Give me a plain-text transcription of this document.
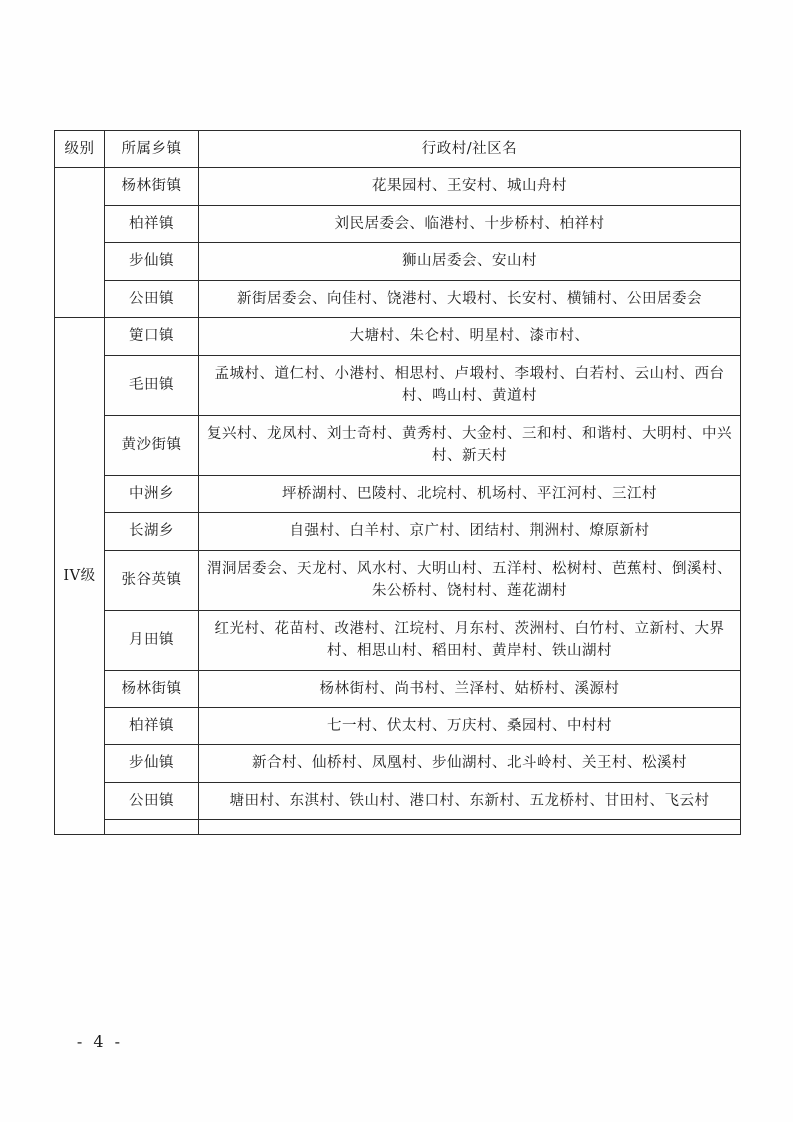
级别	所属乡镇	行政村/社区名
	杨林街镇	花果园村、王安村、城山舟村
	柏祥镇	刘民居委会、临港村、十步桥村、柏祥村
	步仙镇	狮山居委会、安山村
	公田镇	新街居委会、向佳村、饶港村、大塅村、长安村、横铺村、公田居委会
IV级	筻口镇	大塘村、朱仑村、明星村、漆市村、
	毛田镇	孟城村、道仁村、小港村、相思村、卢塅村、李塅村、白若村、云山村、西台村、鸣山村、黄道村
	黄沙街镇	复兴村、龙凤村、刘士奇村、黄秀村、大金村、三和村、和谐村、大明村、中兴村、新天村
	中洲乡	坪桥湖村、巴陵村、北垸村、机场村、平江河村、三江村
	长湖乡	自强村、白羊村、京广村、团结村、荆洲村、燎原新村
	张谷英镇	渭洞居委会、天龙村、风水村、大明山村、五洋村、松树村、芭蕉村、倒溪村、朱公桥村、饶村村、莲花湖村
	月田镇	红光村、花苗村、改港村、江垸村、月东村、茨洲村、白竹村、立新村、大界村、相思山村、稻田村、黄岸村、铁山湖村
	杨林街镇	杨林街村、尚书村、兰泽村、姑桥村、溪源村
	柏祥镇	七一村、伏太村、万庆村、桑园村、中村村
	步仙镇	新合村、仙桥村、凤凰村、步仙湖村、北斗岭村、关王村、松溪村
	公田镇	塘田村、东淇村、铁山村、港口村、东新村、五龙桥村、甘田村、飞云村

- 4 -
